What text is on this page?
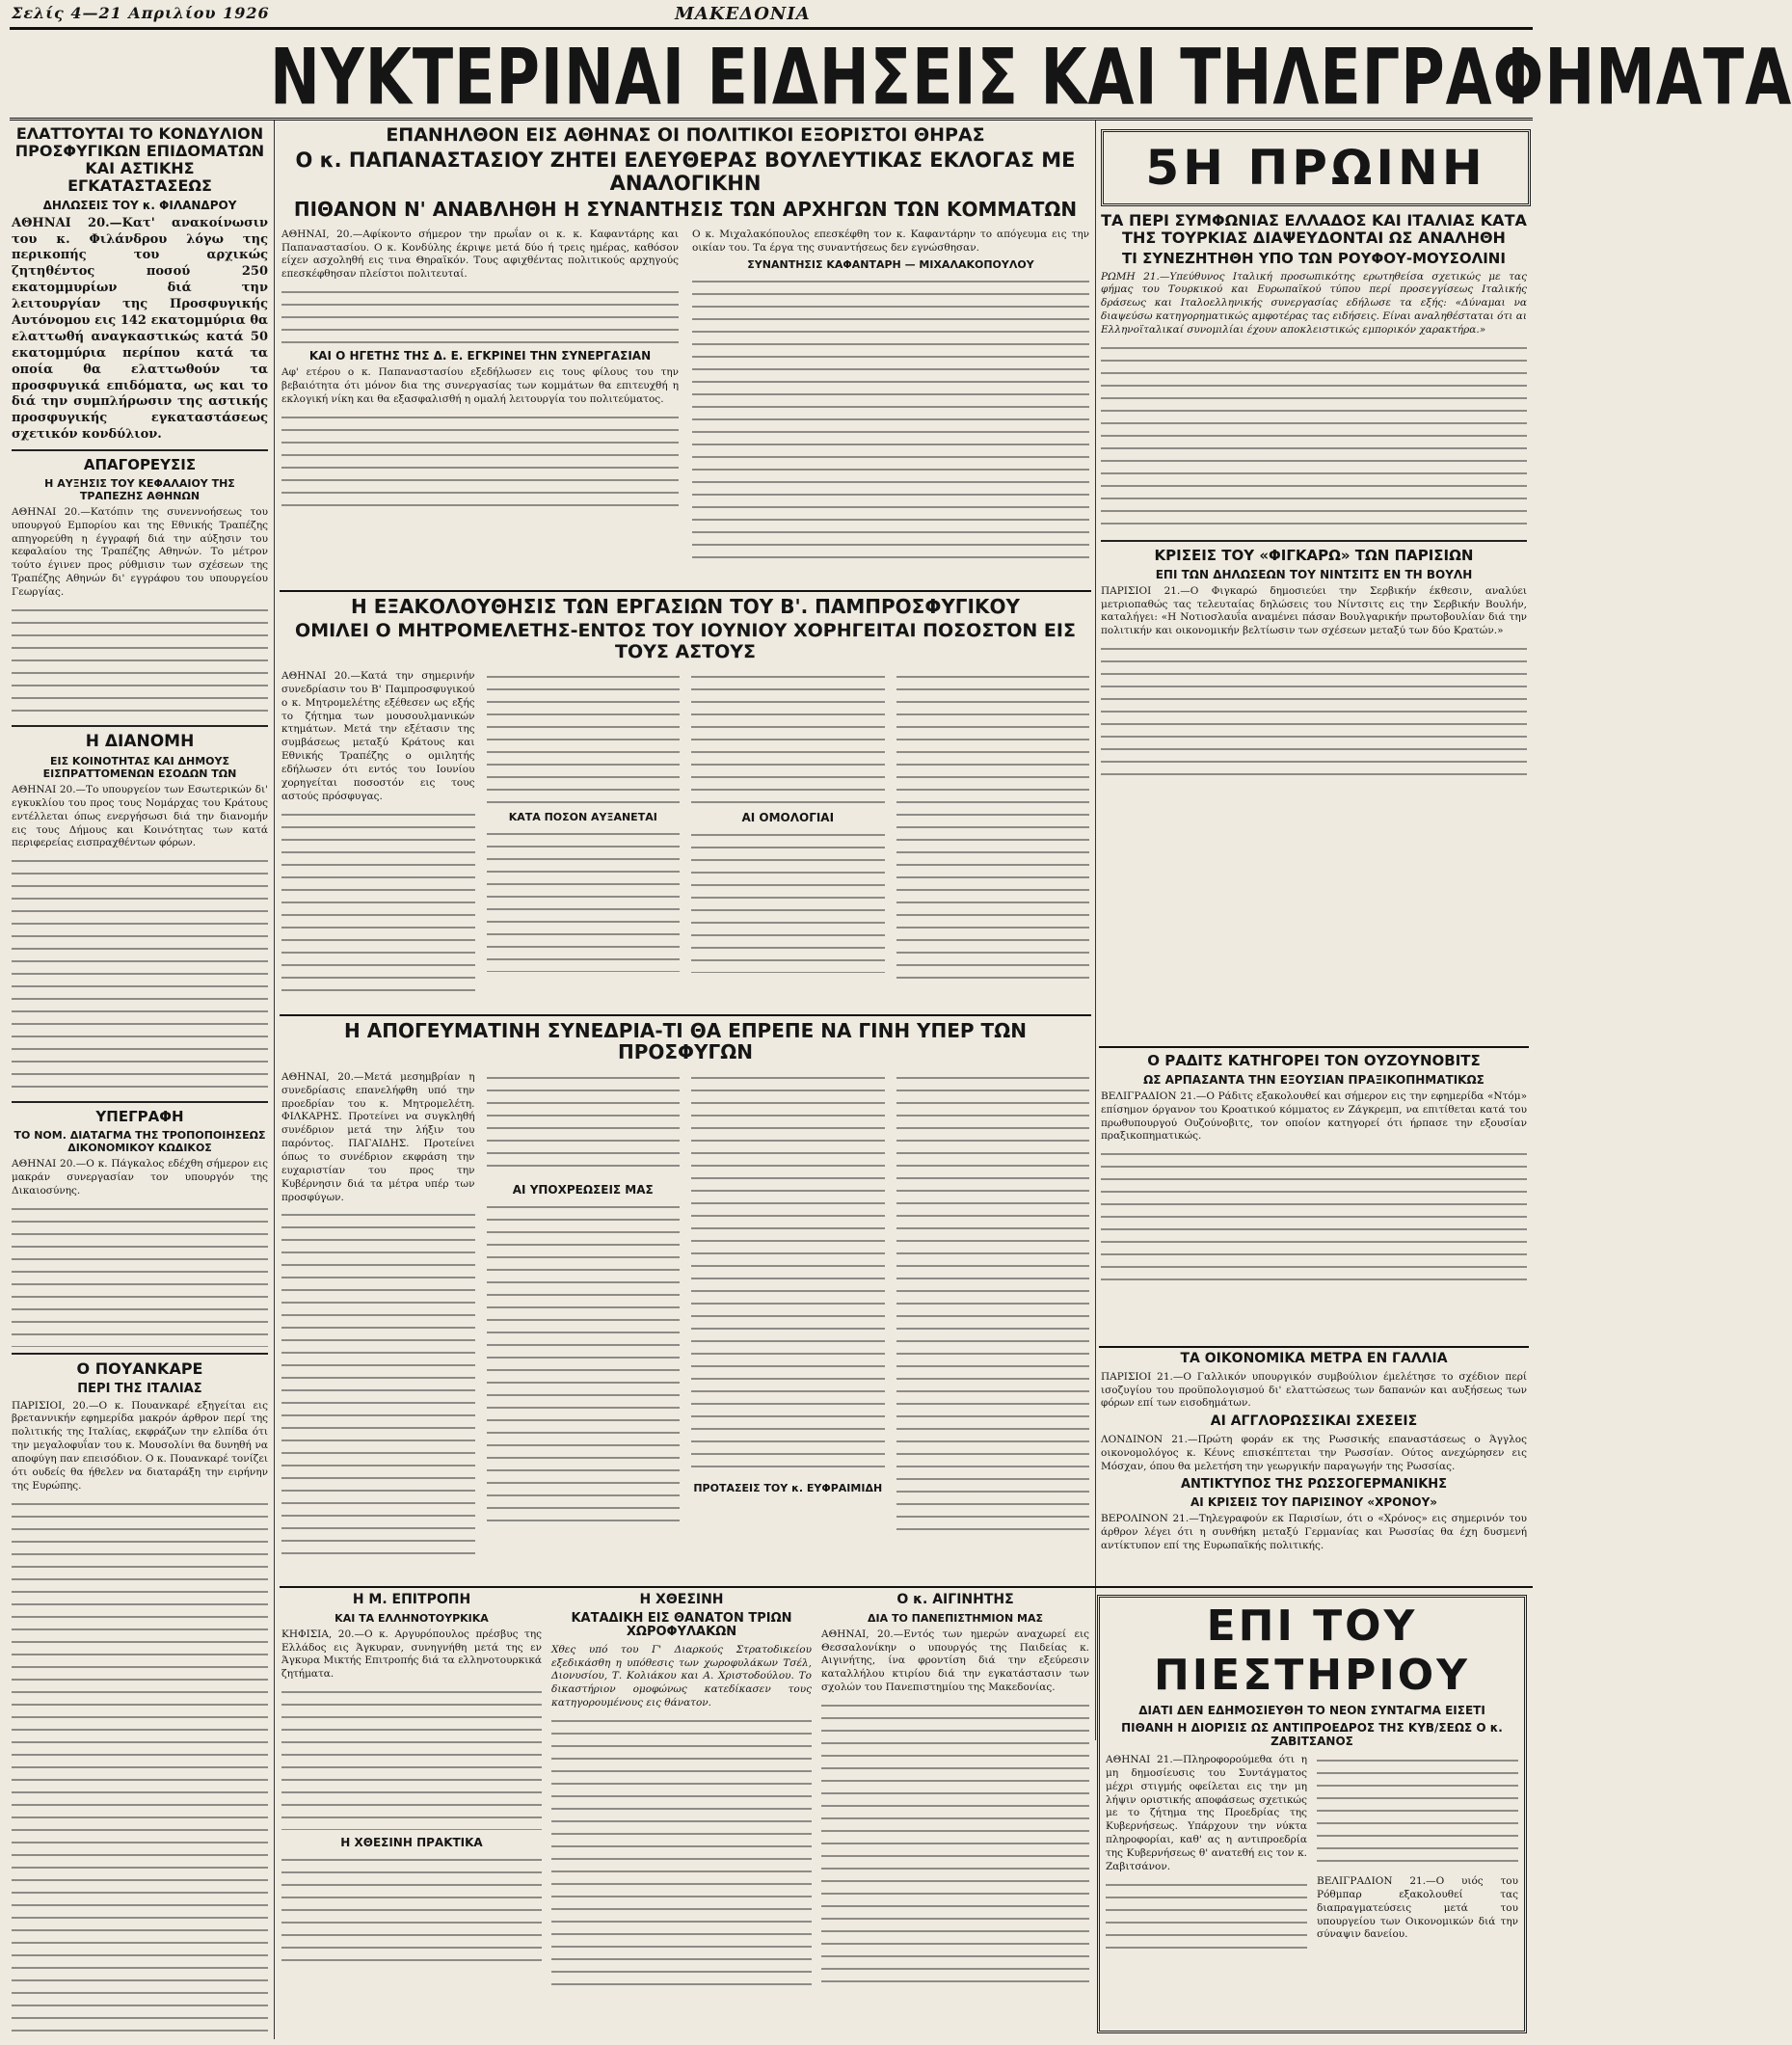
Σελίς 4—21 Απριλίου 1926	ΜΑΚΕΔΟΝΙΑ
ΝΥΚΤΕΡΙΝΑΙ ΕΙΔΗΣΕΙΣ ΚΑΙ ΤΗΛΕΓΡΑΦΗΜΑΤΑ
ΕΛΑΤΤΟΥΤΑΙ ΤΟ ΚΟΝΔΥΛΙΟΝ ΠΡΟΣΦΥΓΙΚΩΝ ΕΠΙΔΟΜΑΤΩΝ ΚΑΙ ΑΣΤΙΚΗΣ ΕΓΚΑΤΑΣΤΑΣΕΩΣ
ΔΗΛΩΣΕΙΣ ΤΟΥ κ. ΦΙΛΑΝΔΡΟΥ
ΑΘΗΝΑΙ 20.—Κατ' ανακοίνωσιν του κ. Φιλάνδρου λόγω της περικοπής του αρχικώς ζητηθέντος ποσού 250 εκατομμυρίων διά την λειτουργίαν της Προσφυγικής Αυτόνομου εις 142 εκατομμύρια θα ελαττωθή αναγκαστικώς κατά 50 εκατομμύρια περίπου κατά τα οποία θα ελαττωθούν τα προσφυγικά επιδόματα, ως και το διά την συμπλήρωσιν της αστικής προσφυγικής εγκαταστάσεως σχετικόν κονδύλιον.
ΑΠΑΓΟΡΕΥΣΙΣ
Η ΑΥΞΗΣΙΣ ΤΟΥ ΚΕΦΑΛΑΙΟΥ ΤΗΣ ΤΡΑΠΕΖΗΣ ΑΘΗΝΩΝ
ΑΘΗΝΑΙ 20.—Κατόπιν της συνεννοήσεως του υπουργού Εμπορίου και της Εθνικής Τραπέζης απηγορεύθη η έγγραφή διά την αύξησιν του κεφαλαίου της Τραπέζης Αθηνών. Το μέτρον τούτο έγινεν προς ρύθμισιν των σχέσεων της Τραπέζης Αθηνών δι' εγγράφου του υπουργείου Γεωργίας.
Η ΔΙΑΝΟΜΗ
ΕΙΣ ΚΟΙΝΟΤΗΤΑΣ ΚΑΙ ΔΗΜΟΥΣ ΕΙΣΠΡΑΤΤΟΜΕΝΩΝ ΕΣΟΔΩΝ ΤΩΝ
ΑΘΗΝΑΙ 20.—Το υπουργείον των Εσωτερικών δι' εγκυκλίου του προς τους Νομάρχας του Κράτους εντέλλεται όπως ενεργήσωσι διά την διανομήν εις τους Δήμους και Κοινότητας των κατά περιφερείας εισπραχθέντων φόρων.
ΥΠΕΓΡΑΦΗ
ΤΟ ΝΟΜ. ΔΙΑΤΑΓΜΑ ΤΗΣ ΤΡΟΠΟΠΟΙΗΣΕΩΣ ΔΙΚΟΝΟΜΙΚΟΥ ΚΩΔΙΚΟΣ
ΑΘΗΝΑΙ 20.—Ο κ. Πάγκαλος εδέχθη σήμερον εις μακράν συνεργασίαν τον υπουργόν της Δικαιοσύνης.
Ο ΠΟΥΑΝΚΑΡΕ
ΠΕΡΙ ΤΗΣ ΙΤΑΛΙΑΣ
ΠΑΡΙΣΙΟΙ, 20.—Ο κ. Πουανκαρέ εξηγείται εις βρεταννικήν εφημερίδα μακρόν άρθρον περί της πολιτικής της Ιταλίας, εκφράζων την ελπίδα ότι την μεγαλοφυΐαν του κ. Μουσολίνι θα δυνηθή να αποφύγη παν επεισόδιον. Ο κ. Πουανκαρέ τονίζει ότι ουδείς θα ήθελεν να διαταράξη την ειρήνην της Ευρώπης.
ΕΠΑΝΗΛΘΟΝ ΕΙΣ ΑΘΗΝΑΣ ΟΙ ΠΟΛΙΤΙΚΟΙ ΕΞΟΡΙΣΤΟΙ ΘΗΡΑΣ
Ο κ. ΠΑΠΑΝΑΣΤΑΣΙΟΥ ΖΗΤΕΙ ΕΛΕΥΘΕΡΑΣ ΒΟΥΛΕΥΤΙΚΑΣ ΕΚΛΟΓΑΣ ΜΕ ΑΝΑΛΟΓΙΚΗΝ
ΠΙΘΑΝΟΝ Ν' ΑΝΑΒΛΗΘΗ Η ΣΥΝΑΝΤΗΣΙΣ ΤΩΝ ΑΡΧΗΓΩΝ ΤΩΝ ΚΟΜΜΑΤΩΝ
ΑΘΗΝΑΙ, 20.—Αφίκοντο σήμερον την πρωΐαν οι κ. κ. Καφαντάρης και Παπαναστασίου. Ο κ. Κονδύλης έκριψε μετά δύο ή τρεις ημέρας, καθόσον είχεν ασχοληθή εις τινα Θηραϊκόν. Τους αφιχθέντας πολιτικούς αρχηγούς επεσκέφθησαν πλείστοι πολιτευταί.
ΚΑΙ Ο ΗΓΕΤΗΣ ΤΗΣ Δ. Ε. ΕΓΚΡΙΝΕΙ ΤΗΝ ΣΥΝΕΡΓΑΣΙΑΝ
Αφ' ετέρου ο κ. Παπαναστασίου εξεδήλωσεν εις τους φίλους του την βεβαιότητα ότι μόνον δια της συνεργασίας των κομμάτων θα επιτευχθή η εκλογική νίκη και θα εξασφαλισθή η ομαλή λειτουργία του πολιτεύματος.
Ο κ. Μιχαλακόπουλος επεσκέφθη τον κ. Καφαντάρην το απόγευμα εις την οικίαν του. Τα έργα της συναντήσεως δεν εγνώσθησαν.
ΣΥΝΑΝΤΗΣΙΣ ΚΑΦΑΝΤΑΡΗ — ΜΙΧΑΛΑΚΟΠΟΥΛΟΥ
Η ΕΞΑΚΟΛΟΥΘΗΣΙΣ ΤΩΝ ΕΡΓΑΣΙΩΝ ΤΟΥ Β'. ΠΑΜΠΡΟΣΦΥΓΙΚΟΥ
ΟΜΙΛΕΙ Ο ΜΗΤΡΟΜΕΛΕΤΗΣ-ΕΝΤΟΣ ΤΟΥ ΙΟΥΝΙΟΥ ΧΟΡΗΓΕΙΤΑΙ ΠΟΣΟΣΤΟΝ ΕΙΣ ΤΟΥΣ ΑΣΤΟΥΣ
ΑΘΗΝΑΙ 20.—Κατά την σημερινήν συνεδρίασιν του Β' Παμπροσφυγικού ο κ. Μητρομελέτης εξέθεσεν ως εξής το ζήτημα των μουσουλμανικών κτημάτων. Μετά την εξέτασιν της συμβάσεως μεταξύ Κράτους και Εθνικής Τραπέζης ο ομιλητής εδήλωσεν ότι εντός του Ιουνίου χορηγείται ποσοστόν εις τους αστούς πρόσφυγας.
ΚΑΤΑ ΠΟΣΟΝ ΑΥΞΑΝΕΤΑΙ	ΑΙ ΟΜΟΛΟΓΙΑΙ
Η ΑΠΟΓΕΥΜΑΤΙΝΗ ΣΥΝΕΔΡΙΑ-ΤΙ ΘΑ ΕΠΡΕΠΕ ΝΑ ΓΙΝΗ ΥΠΕΡ ΤΩΝ ΠΡΟΣΦΥΓΩΝ
ΑΘΗΝΑΙ, 20.—Μετά μεσημβρίαν η συνεδρίασις επανελήφθη υπό την προεδρίαν του κ. Μητρομελέτη. ΦΙΛΚΑΡΗΣ. Προτείνει να συγκληθή συνέδριον μετά την λήξιν του παρόντος. ΠΑΓΑΙΔΗΣ. Προτείνει όπως το συνέδριον εκφράση την ευχαριστίαν του προς την Κυβέρνησιν διά τα μέτρα υπέρ των προσφύγων.
ΑΙ ΥΠΟΧΡΕΩΣΕΙΣ ΜΑΣ
ΠΡΟΤΑΣΕΙΣ ΤΟΥ κ. ΕΥΦΡΑΙΜΙΔΗ
Η Μ. ΕΠΙΤΡΟΠΗ
ΚΑΙ ΤΑ ΕΛΛΗΝΟΤΟΥΡΚΙΚΑ
ΚΗΦΙΣΙΑ, 20.—Ο κ. Αργυρόπουλος πρέσβυς της Ελλάδος εις Άγκυραν, συνηγνήθη μετά της εν Άγκυρα Μικτής Επιτροπής διά τα ελληνοτουρκικά ζητήματα.
Η ΧΘΕΣΙΝΗ ΠΡΑΚΤΙΚΑ
Η ΧΘΕΣΙΝΗ
ΚΑΤΑΔΙΚΗ ΕΙΣ ΘΑΝΑΤΟΝ ΤΡΙΩΝ ΧΩΡΟΦΥΛΑΚΩΝ
Χθες υπό του Γ' Διαρκούς Στρατοδικείου εξεδικάσθη η υπόθεσις των χωροφυλάκων Τσέλ, Διονυσίου, Τ. Κολιάκου και Α. Χριστοδούλου. Το δικαστήριον ομοφώνως κατεδίκασεν τους κατηγορουμένους εις θάνατον.
Ο κ. ΑΙΓΙΝΗΤΗΣ
ΔΙΑ ΤΟ ΠΑΝΕΠΙΣΤΗΜΙΟΝ ΜΑΣ
ΑΘΗΝΑΙ, 20.—Εντός των ημερών αναχωρεί εις Θεσσαλονίκην ο υπουργός της Παιδείας κ. Αιγινήτης, ίνα φροντίση διά την εξεύρεσιν καταλλήλου κτιρίου διά την εγκατάστασιν των σχολών του Πανεπιστημίου της Μακεδονίας.
5Η ΠΡΩΙΝΗ
ΤΑ ΠΕΡΙ ΣΥΜΦΩΝΙΑΣ ΕΛΛΑΔΟΣ ΚΑΙ ΙΤΑΛΙΑΣ ΚΑΤΑ ΤΗΣ ΤΟΥΡΚΙΑΣ ΔΙΑΨΕΥΔΟΝΤΑΙ ΩΣ ΑΝΑΛΗΘΗ
ΤΙ ΣΥΝΕΖΗΤΗΘΗ ΥΠΟ ΤΩΝ ΡΟΥΦΟΥ-ΜΟΥΣΟΛΙΝΙ
ΡΩΜΗ 21.—Υπεύθυνος Ιταλική προσωπικότης ερωτηθείσα σχετικώς με τας φήμας του Τουρκικού και Ευρωπαϊκού τύπου περί προσεγγίσεως Ιταλικής δράσεως και Ιταλοελληνικής συνεργασίας εδήλωσε τα εξής: «Δύναμαι να διαψεύσω κατηγορηματικώς αμφοτέρας τας ειδήσεις. Είναι αναληθέσταται ότι αι Ελληνοϊταλικαί συνομιλίαι έχουν αποκλειστικώς εμπορικόν χαρακτήρα.»
ΚΡΙΣΕΙΣ ΤΟΥ «ΦΙΓΚΑΡΩ» ΤΩΝ ΠΑΡΙΣΙΩΝ
ΕΠΙ ΤΩΝ ΔΗΛΩΣΕΩΝ ΤΟΥ ΝΙΝΤΣΙΤΣ ΕΝ ΤΗ ΒΟΥΛΗ
ΠΑΡΙΣΙΟΙ 21.—Ο Φιγκαρώ δημοσιεύει την Σερβικήν έκθεσιν, αναλύει μετριοπαθώς τας τελευταίας δηλώσεις του Νίντσιτς εις την Σερβικήν Βουλήν, καταλήγει: «Η Νοτιοσλαυΐα αναμένει πάσαν Βουλγαρικήν πρωτοβουλίαν διά την πολιτικήν και οικονομικήν βελτίωσιν των σχέσεων μεταξύ των δύο Κρατών.»
Ο ΡΑΔΙΤΣ ΚΑΤΗΓΟΡΕΙ ΤΟΝ ΟΥΖΟΥΝΟΒΙΤΣ
ΩΣ ΑΡΠΑΣΑΝΤΑ ΤΗΝ ΕΞΟΥΣΙΑΝ ΠΡΑΞΙΚΟΠΗΜΑΤΙΚΩΣ
ΒΕΛΙΓΡΑΔΙΟΝ 21.—Ο Ράδιτς εξακολουθεί και σήμερον εις την εφημερίδα «Ντόμ» επίσημον όργανον του Κροατικού κόμματος εν Ζάγκρεμπ, να επιτίθεται κατά του πρωθυπουργού Ουζούνοβιτς, τον οποίον κατηγορεί ότι ήρπασε την εξουσίαν πραξικοπηματικώς.
ΤΑ ΟΙΚΟΝΟΜΙΚΑ ΜΕΤΡΑ ΕΝ ΓΑΛΛΙΑ
ΠΑΡΙΣΙΟΙ 21.—Ο Γαλλικόν υπουργικόν συμβούλιον έμελέτησε το σχέδιον περί ισοζυγίου του προϋπολογισμού δι' ελαττώσεως των δαπανών και αυξήσεως των φόρων επί των εισοδημάτων.
ΑΙ ΑΓΓΛΟΡΩΣΣΙΚΑΙ ΣΧΕΣΕΙΣ
ΛΟΝΔΙΝΟΝ 21.—Πρώτη φοράν εκ της Ρωσσικής επαναστάσεως ο Άγγλος οικονομολόγος κ. Κέυνς επισκέπτεται την Ρωσσίαν. Ούτος ανεχώρησεν εις Μόσχαν, όπου θα μελετήση την γεωργικήν παραγωγήν της Ρωσσίας.
ΑΝΤΙΚΤΥΠΟΣ ΤΗΣ ΡΩΣΣΟΓΕΡΜΑΝΙΚΗΣ
ΑΙ ΚΡΙΣΕΙΣ ΤΟΥ ΠΑΡΙΣΙΝΟΥ «ΧΡΟΝΟΥ»
ΒΕΡΟΛΙΝΟΝ 21.—Τηλεγραφούν εκ Παρισίων, ότι ο «Χρόνος» εις σημερινόν του άρθρον λέγει ότι η συνθήκη μεταξύ Γερμανίας και Ρωσσίας θα έχη δυσμενή αντίκτυπον επί της Ευρωπαϊκής πολιτικής.
ΕΠΙ ΤΟΥ ΠΙΕΣΤΗΡΙΟΥ
ΔΙΑΤΙ ΔΕΝ ΕΔΗΜΟΣΙΕΥΘΗ ΤΟ ΝΕΟΝ ΣΥΝΤΑΓΜΑ ΕΙΣΕΤΙ
ΠΙΘΑΝΗ Η ΔΙΟΡΙΣΙΣ ΩΣ ΑΝΤΙΠΡΟΕΔΡΟΣ ΤΗΣ ΚΥΒ/ΣΕΩΣ Ο κ. ΖΑΒΙΤΣΑΝΟΣ
ΑΘΗΝΑΙ 21.—Πληροφορούμεθα ότι η μη δημοσίευσις του Συντάγματος μέχρι στιγμής οφείλεται εις την μη λήψιν οριστικής αποφάσεως σχετικώς με το ζήτημα της Προεδρίας της Κυβερνήσεως. Υπάρχουν την νύκτα πληροφορίαι, καθ' ας η αντιπροεδρία της Κυβερνήσεως θ' ανατεθή εις τον κ. Ζαβιτσάνον.
ΒΕΛΙΓΡΑΔΙΟΝ 21.—Ο υιός του Ρόθμπαρ εξακολουθεί τας διαπραγματεύσεις μετά του υπουργείου των Οικονομικών διά την σύναψιν δανείου.
